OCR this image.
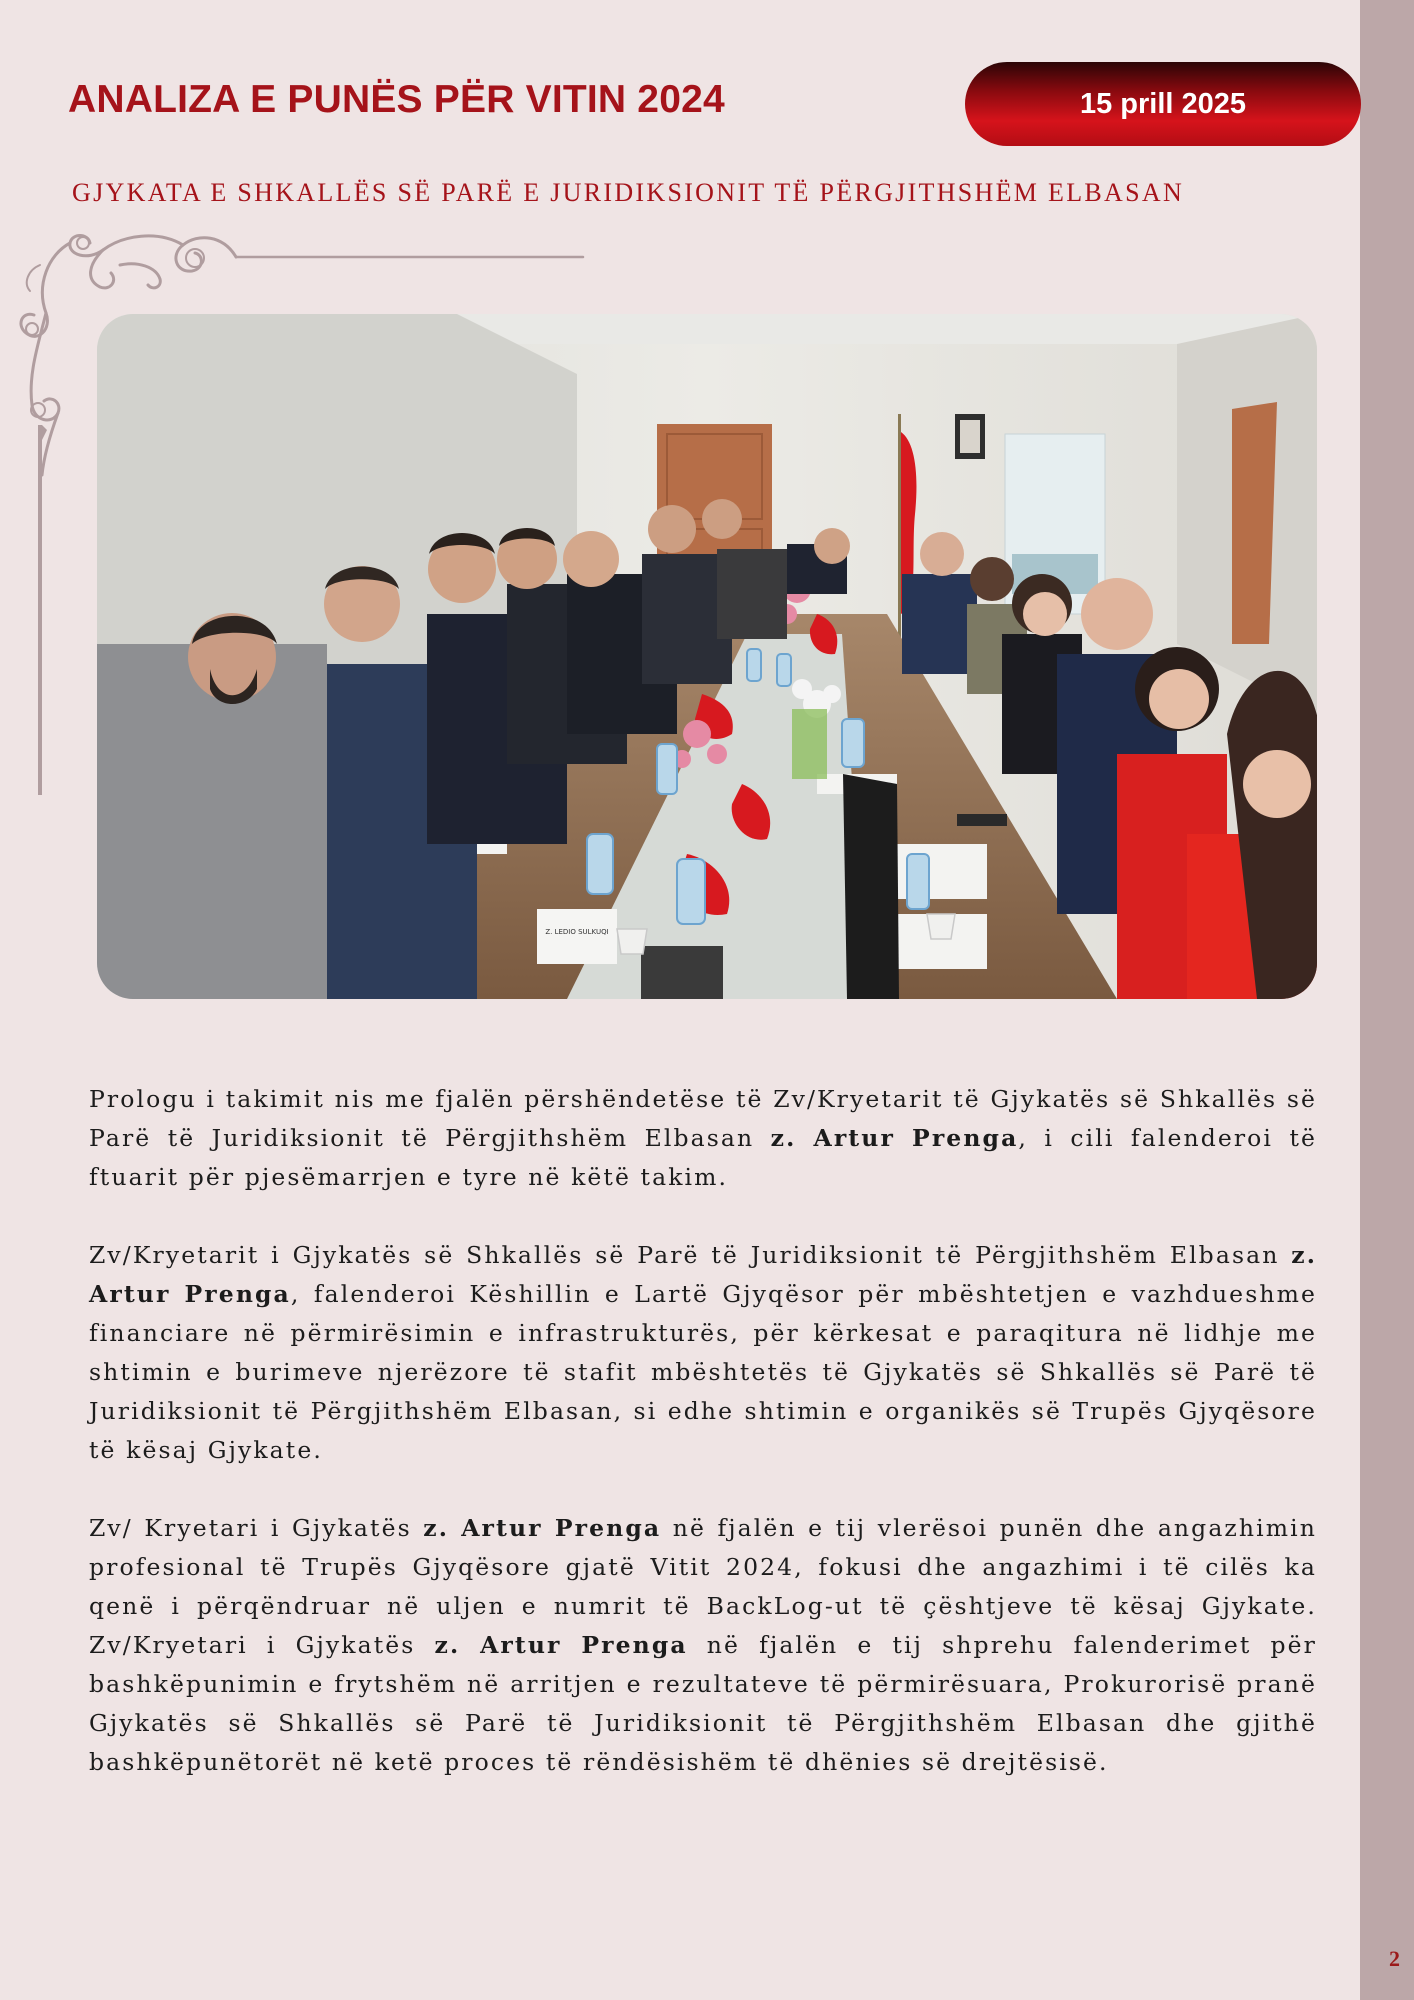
ANALIZA E PUNËS PËR VITIN 2024	15 prill 2025
GJYKATA E SHKALLËS SË PARË E JURIDIKSIONIT TË PËRGJITHSHËM ELBASAN
Z. LEDIO SULKUQI

Prologu i takimit nis me fjalën përshëndetëse të Zv/Kryetarit të Gjykatës së Shkallës së Parë të Juridiksionit të Përgjithshëm Elbasan z. Artur Prenga, i cili falenderoi të ftuarit për pjesëmarrjen e tyre në këtë takim.

Zv/Kryetarit i Gjykatës së Shkallës së Parë të Juridiksionit të Përgjithshëm Elbasan z. Artur Prenga, falenderoi Këshillin e Lartë Gjyqësor për mbështetjen e vazhdueshme financiare në përmirësimin e infrastrukturës, për kërkesat e paraqitura në lidhje me shtimin e burimeve njerëzore të stafit mbështetës të Gjykatës së Shkallës së Parë të Juridiksionit të Përgjithshëm Elbasan, si edhe shtimin e organikës së Trupës Gjyqësore të kësaj Gjykate.

Zv/ Kryetari i Gjykatës z. Artur Prenga në fjalën e tij vlerësoi punën dhe angazhimin profesional të Trupës Gjyqësore gjatë Vitit 2024, fokusi dhe angazhimi i të cilës ka qenë i përqëndruar në uljen e numrit të BackLog-ut të çështjeve të kësaj Gjykate. Zv/Kryetari i Gjykatës z. Artur Prenga në fjalën e tij shprehu falenderimet për bashkëpunimin e frytshëm në arritjen e rezultateve të përmirësuara, Prokurorisë pranë Gjykatës së Shkallës së Parë të Juridiksionit të Përgjithshëm Elbasan dhe gjithë bashkëpunëtorët në ketë proces të rëndësishëm të dhënies së drejtësisë.

2
